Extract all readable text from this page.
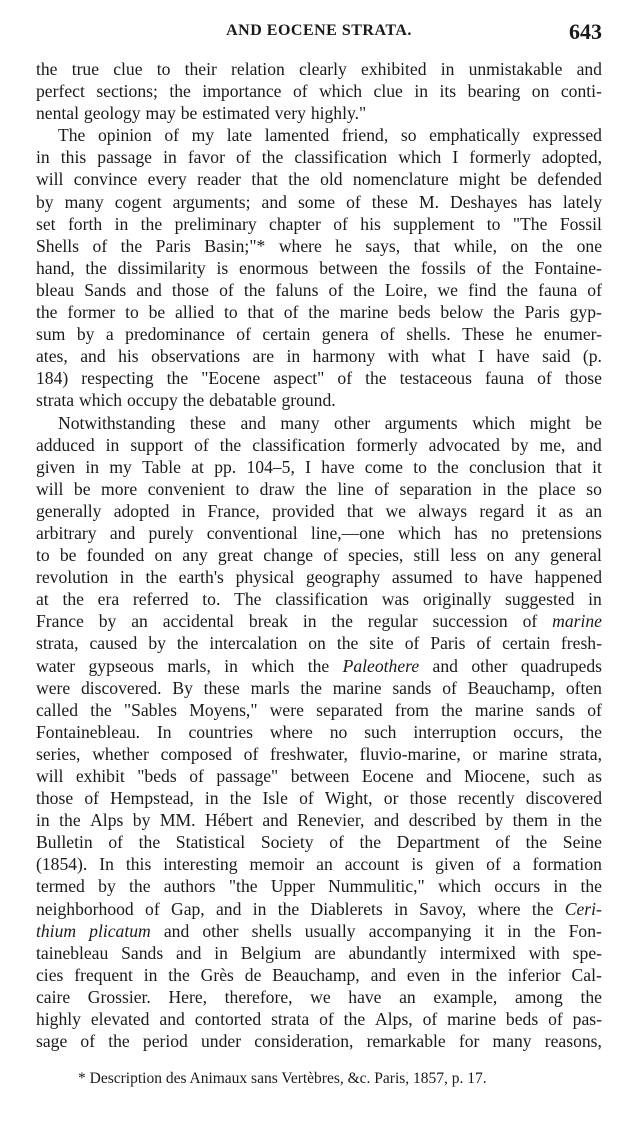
AND EOCENE STRATA.	643
the true clue to their relation clearly exhibited in unmistakable and
perfect sections; the importance of which clue in its bearing on conti-
nental geology may be estimated very highly."
The opinion of my late lamented friend, so emphatically expressed
in this passage in favor of the classification which I formerly adopted,
will convince every reader that the old nomenclature might be defended
by many cogent arguments; and some of these M. Deshayes has lately
set forth in the preliminary chapter of his supplement to "The Fossil
Shells of the Paris Basin;"* where he says, that while, on the one
hand, the dissimilarity is enormous between the fossils of the Fontaine-
bleau Sands and those of the faluns of the Loire, we find the fauna of
the former to be allied to that of the marine beds below the Paris gyp-
sum by a predominance of certain genera of shells. These he enumer-
ates, and his observations are in harmony with what I have said (p.
184) respecting the "Eocene aspect" of the testaceous fauna of those
strata which occupy the debatable ground.
Notwithstanding these and many other arguments which might be
adduced in support of the classification formerly advocated by me, and
given in my Table at pp. 104–5, I have come to the conclusion that it
will be more convenient to draw the line of separation in the place so
generally adopted in France, provided that we always regard it as an
arbitrary and purely conventional line,—one which has no pretensions
to be founded on any great change of species, still less on any general
revolution in the earth's physical geography assumed to have happened
at the era referred to. The classification was originally suggested in
France by an accidental break in the regular succession of marine
strata, caused by the intercalation on the site of Paris of certain fresh-
water gypseous marls, in which the Paleothere and other quadrupeds
were discovered. By these marls the marine sands of Beauchamp, often
called the "Sables Moyens," were separated from the marine sands of
Fontainebleau. In countries where no such interruption occurs, the
series, whether composed of freshwater, fluvio-marine, or marine strata,
will exhibit "beds of passage" between Eocene and Miocene, such as
those of Hempstead, in the Isle of Wight, or those recently discovered
in the Alps by MM. Hébert and Renevier, and described by them in the
Bulletin of the Statistical Society of the Department of the Seine
(1854). In this interesting memoir an account is given of a formation
termed by the authors "the Upper Nummulitic," which occurs in the
neighborhood of Gap, and in the Diablerets in Savoy, where the Ceri-
thium plicatum and other shells usually accompanying it in the Fon-
tainebleau Sands and in Belgium are abundantly intermixed with spe-
cies frequent in the Grès de Beauchamp, and even in the inferior Cal-
caire Grossier. Here, therefore, we have an example, among the
highly elevated and contorted strata of the Alps, of marine beds of pas-
sage of the period under consideration, remarkable for many reasons,
* Description des Animaux sans Vertèbres, &c. Paris, 1857, p. 17.
